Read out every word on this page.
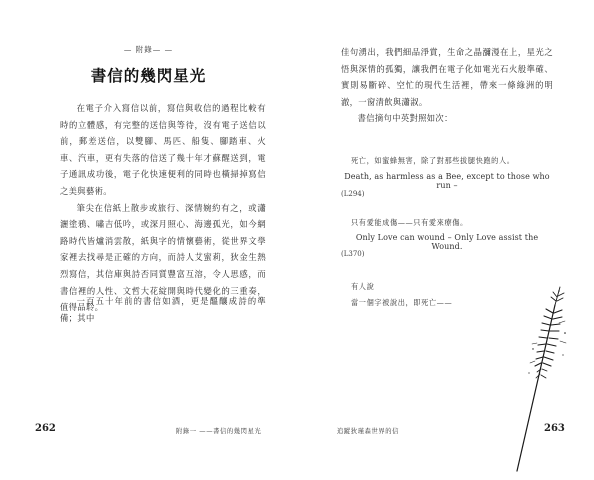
— 附錄— —
書信的幾閃星光

在電子介入寫信以前，寫信與收信的過程比較有時的立體感，有完整的送信與等待，沒有電子送信以前，郵差送信，以雙腳、馬匹、船隻、腳踏車、火車、汽車，更有失落的信送了幾十年才蘇醒送到，電子通訊成功後，電子化快速便利的同時也橫掃掉寫信之美與藝術。

筆尖在信紙上散步或旅行、深情婉約有之，或瀟灑塗鴉、嘯吉低吟，或深月照心、海邊孤光，如今網路時代皆爐消雲散，紙與字的情懷藝術，從世界文學家裡去找尋是正確的方向，而詩人艾蜜莉，狄金生熱烈寫信，其信庫與詩否同質豐富互溶，令人思感，而書信裡的人性、文哲大花綻開與時代變化的三重奏，值得品聆。

一百五十年前的書信如酒，更是醞釀成詩的準備；其中

262	附錄一 ——書信的幾閃星光

佳句湧出，我們細品淨賞，生命之晶瀰漫在上，星光之悟與深情的孤獨，讓我們在電子化如電光石火般準確、實則易斷碎、空忙的現代生活裡，帶來一條綠洲的明澈，一窗清飲與瀟淑。

書信摘句中英對照如次：

死亡，如蜜蜂無害，除了對那些拔腿快跑的人。
Death, as harmless as a Bee, except to those who run –
(L294)
只有愛能成傷——只有愛來療傷。
Only Love can wound – Only Love assist the Wound.
(L370)
有人說
當一個字被說出，即死亡——
追蹤狄瑾森世界的信	263
